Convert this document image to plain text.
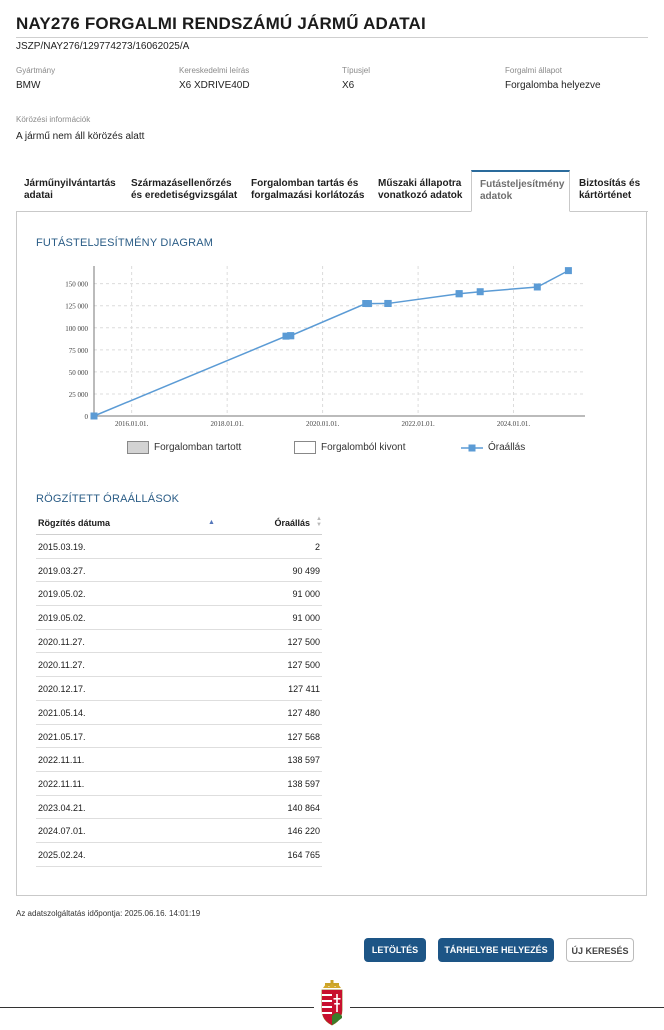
NAY276 FORGALMI RENDSZÁMÚ JÁRMŰ ADATAI
JSZP/NAY276/129774273/16062025/A
Gyártmány
BMW
Kereskedelmi leírás
X6 XDRIVE40D
Típusjel
X6
Forgalmi állapot
Forgalomba helyezve
Körözési információk
A jármű nem áll körözés alatt
Járműnyilvántartás
adatai
Származásellenőrzés
és eredetiségvizsgálat
Forgalomban tartás és
forgalmazási korlátozás
Műszaki állapotra
vonatkozó adatok
Futásteljesítmény
adatok
Biztosítás és
kártörténet
FUTÁSTELJESÍTMÉNY DIAGRAM
0
25 000
50 000
75 000
100 000
125 000
150 000
2016.01.01.	2018.01.01.	2020.01.01.	2022.01.01.	2024.01.01.
Forgalomban tartott	Forgalomból kivont	Óraállás
RÖGZÍTETT ÓRAÁLLÁSOK
Rögzítés dátuma	▲	Óraállás ▲
▼
2015.03.19.	2
2019.03.27.	90 499
2019.05.02.	91 000
2019.05.02.	91 000
2020.11.27.	127 500
2020.11.27.	127 500
2020.12.17.	127 411
2021.05.14.	127 480
2021.05.17.	127 568
2022.11.11.	138 597
2022.11.11.	138 597
2023.04.21.	140 864
2024.07.01.	146 220
2025.02.24.	164 765
Az adatszolgáltatás időpontja: 2025.06.16. 14:01:19
LETÖLTÉS	TÁRHELYBE HELYEZÉS	ÚJ KERESÉS
